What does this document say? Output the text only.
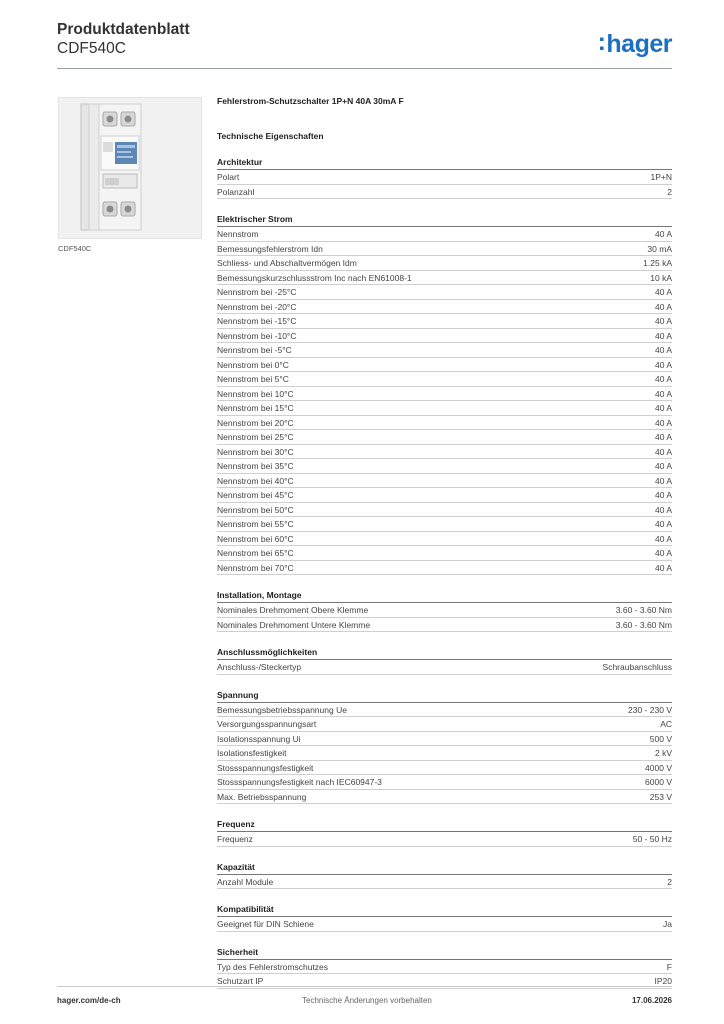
Produktdatenblatt
CDF540C	:hager
CDF540C
Fehlerstrom-Schutzschalter 1P+N 40A 30mA F
Technische Eigenschaften
Architektur
Polart	1P+N
Polanzahl	2
Elektrischer Strom
Nennstrom	40 A
Bemessungsfehlerstrom Idn	30 mA
Schliess- und Abschaltvermögen Idm	1.25 kA
Bemessungskurzschlussstrom Inc nach EN61008-1	10 kA
Nennstrom bei -25°C	40 A
Nennstrom bei -20°C	40 A
Nennstrom bei -15°C	40 A
Nennstrom bei -10°C	40 A
Nennstrom bei -5°C	40 A
Nennstrom bei 0°C	40 A
Nennstrom bei 5°C	40 A
Nennstrom bei 10°C	40 A
Nennstrom bei 15°C	40 A
Nennstrom bei 20°C	40 A
Nennstrom bei 25°C	40 A
Nennstrom bei 30°C	40 A
Nennstrom bei 35°C	40 A
Nennstrom bei 40°C	40 A
Nennstrom bei 45°C	40 A
Nennstrom bei 50°C	40 A
Nennstrom bei 55°C	40 A
Nennstrom bei 60°C	40 A
Nennstrom bei 65°C	40 A
Nennstrom bei 70°C	40 A
Installation, Montage
Nominales Drehmoment Obere Klemme	3.60 - 3.60 Nm
Nominales Drehmoment Untere Klemme	3.60 - 3.60 Nm
Anschlussmöglichkeiten
Anschluss-/Steckertyp	Schraubanschluss
Spannung
Bemessungsbetriebsspannung Ue	230 - 230 V
Versorgungsspannungsart	AC
Isolationsspannung Ui	500 V
Isolationsfestigkeit	2 kV
Stossspannungsfestigkeit	4000 V
Stossspannungsfestigkeit nach IEC60947-3	6000 V
Max. Betriebsspannung	253 V
Frequenz
Frequenz	50 - 50 Hz
Kapazität
Anzahl Module	2
Kompatibilität
Geeignet für DIN Schiene	Ja
Sicherheit
Typ des Fehlerstromschutzes	F
Schutzart IP	IP20
hager.com/de-ch	Technische Änderungen vorbehalten	17.06.2026
